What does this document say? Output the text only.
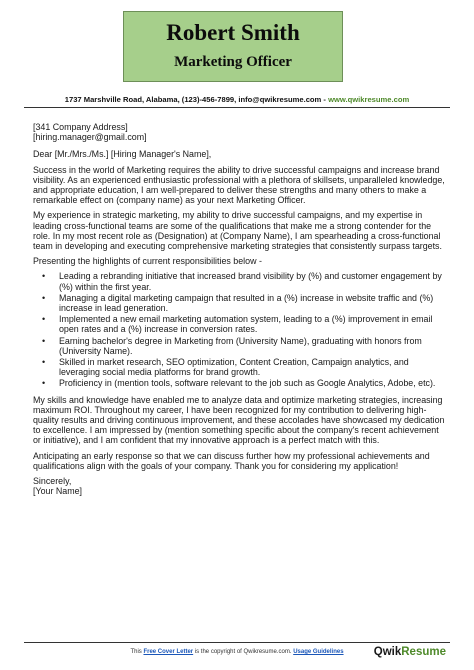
Robert Smith
Marketing Officer
1737 Marshville Road, Alabama, (123)-456-7899, info@qwikresume.com - www.qwikresume.com

[341 Company Address]

[hiring.manager@gmail.com]

Dear [Mr./Mrs./Ms.] [Hiring Manager's Name],

Success in the world of Marketing requires the ability to drive successful campaigns and increase brand visibility. As an experienced enthusiastic professional with a plethora of skillsets, unparalleled knowledge, and appropriate education, I am well-prepared to deliver these strengths and many others to make a remarkable effect on (company name) as your next Marketing Officer.

My experience in strategic marketing, my ability to drive successful campaigns, and my expertise in leading cross-functional teams are some of the qualifications that make me a strong contender for the role. In my most recent role as (Designation) at (Company Name), I am spearheading a cross-functional team in developing and executing comprehensive marketing strategies that consistently surpass targets.

Presenting the highlights of current responsibilities below -

• Leading a rebranding initiative that increased brand visibility by (%) and customer engagement by (%) within the first year.
• Managing a digital marketing campaign that resulted in a (%) increase in website traffic and (%) increase in lead generation.
• Implemented a new email marketing automation system, leading to a (%) improvement in email open rates and a (%) increase in conversion rates.
• Earning bachelor's degree in Marketing from (University Name), graduating with honors from (University Name).
• Skilled in market research, SEO optimization, Content Creation, Campaign analytics, and leveraging social media platforms for brand growth.
• Proficiency in (mention tools, software relevant to the job such as Google Analytics, Adobe, etc).

My skills and knowledge have enabled me to analyze data and optimize marketing strategies, increasing maximum ROI. Throughout my career, I have been recognized for my contribution to delivering high-quality results and driving continuous improvement, and these accolades have showcased my dedication to excellence. I am impressed by (mention something specific about the company's recent achievement or initiative), and I am confident that my innovative approach is a perfect match with this.

Anticipating an early response so that we can discuss further how my professional achievements and qualifications align with the goals of your company. Thank you for considering my application!

Sincerely,

[Your Name]

This Free Cover Letter is the copyright of Qwikresume.com. Usage Guidelines	QwikResume
